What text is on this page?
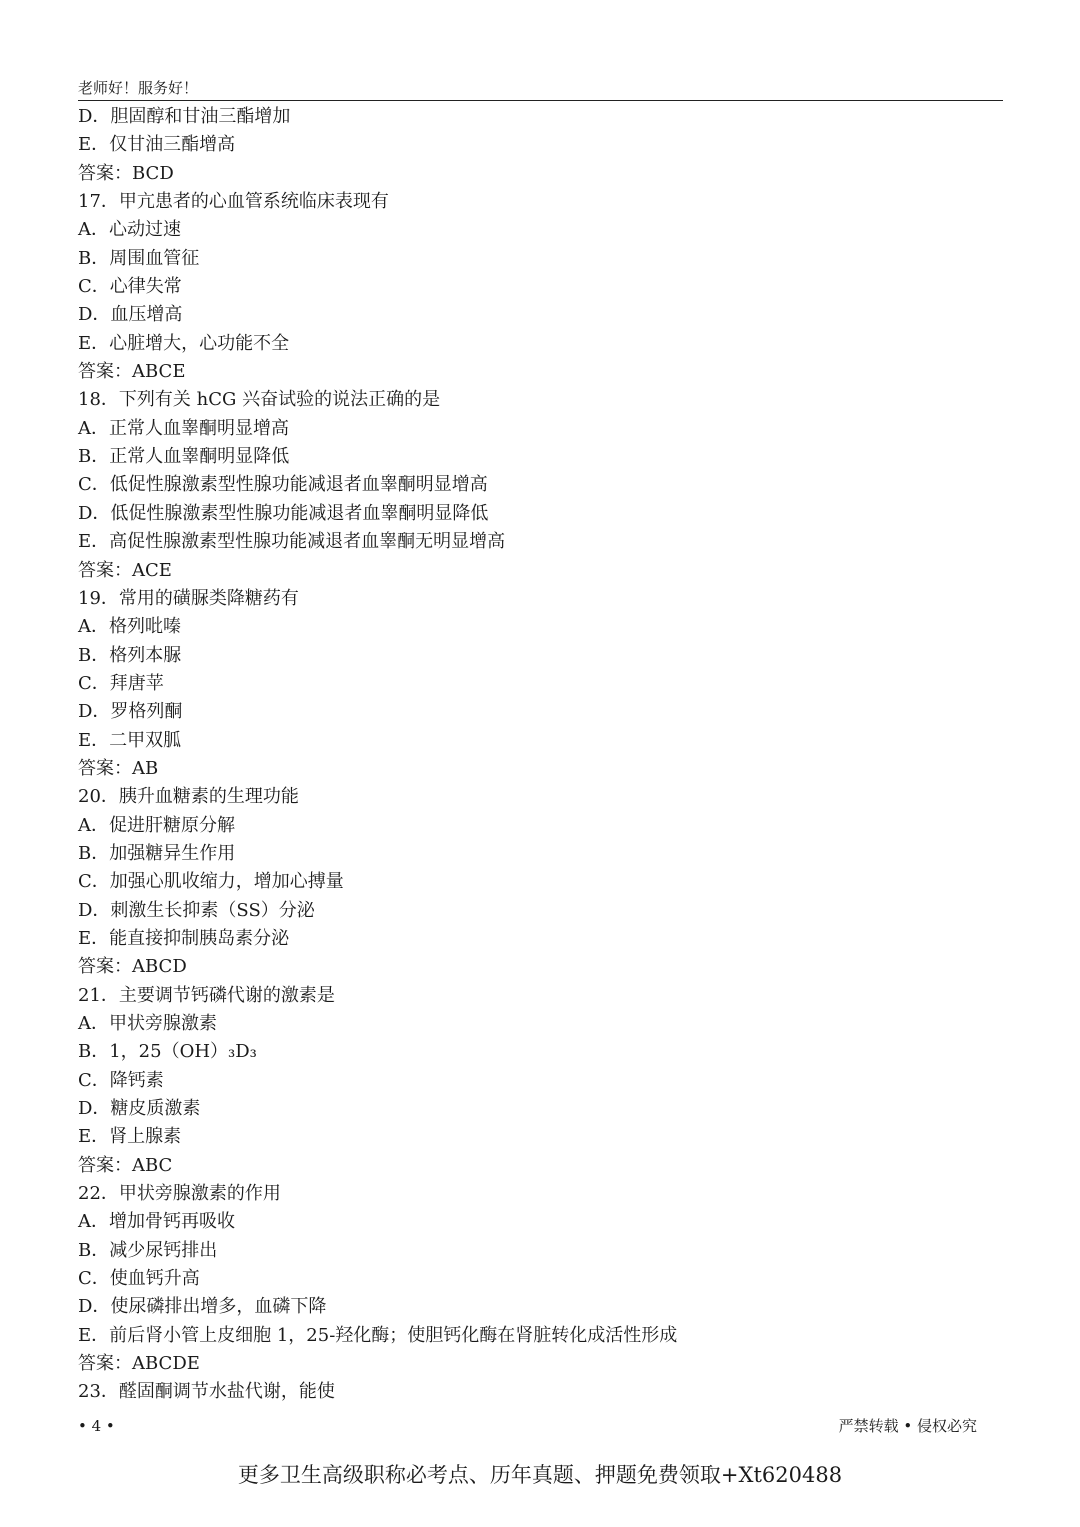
老师好！服务好！
D．胆固醇和甘油三酯增加
E．仅甘油三酯增高
答案：BCD
17．甲亢患者的心血管系统临床表现有
A．心动过速
B．周围血管征
C．心律失常
D．血压增高
E．心脏增大，心功能不全
答案：ABCE
18．下列有关 hCG 兴奋试验的说法正确的是
A．正常人血睾酮明显增高
B．正常人血睾酮明显降低
C．低促性腺激素型性腺功能减退者血睾酮明显增高
D．低促性腺激素型性腺功能减退者血睾酮明显降低
E．高促性腺激素型性腺功能减退者血睾酮无明显增高
答案：ACE
19．常用的磺脲类降糖药有
A．格列吡嗪
B．格列本脲
C．拜唐苹
D．罗格列酮
E．二甲双胍
答案：AB
20．胰升血糖素的生理功能
A．促进肝糖原分解
B．加强糖异生作用
C．加强心肌收缩力，增加心搏量
D．刺激生长抑素（SS）分泌
E．能直接抑制胰岛素分泌
答案：ABCD
21．主要调节钙磷代谢的激素是
A．甲状旁腺激素
B．1，25（OH）₃D₃
C．降钙素
D．糖皮质激素
E．肾上腺素
答案：ABC
22．甲状旁腺激素的作用
A．增加骨钙再吸收
B．减少尿钙排出
C．使血钙升高
D．使尿磷排出增多，血磷下降
E．前后肾小管上皮细胞 1，25-羟化酶；使胆钙化酶在肾脏转化成活性形成
答案：ABCDE
23．醛固酮调节水盐代谢，能使
• 4 •	严禁转载 • 侵权必究
更多卫生高级职称必考点、历年真题、押题免费领取+Xt620488
